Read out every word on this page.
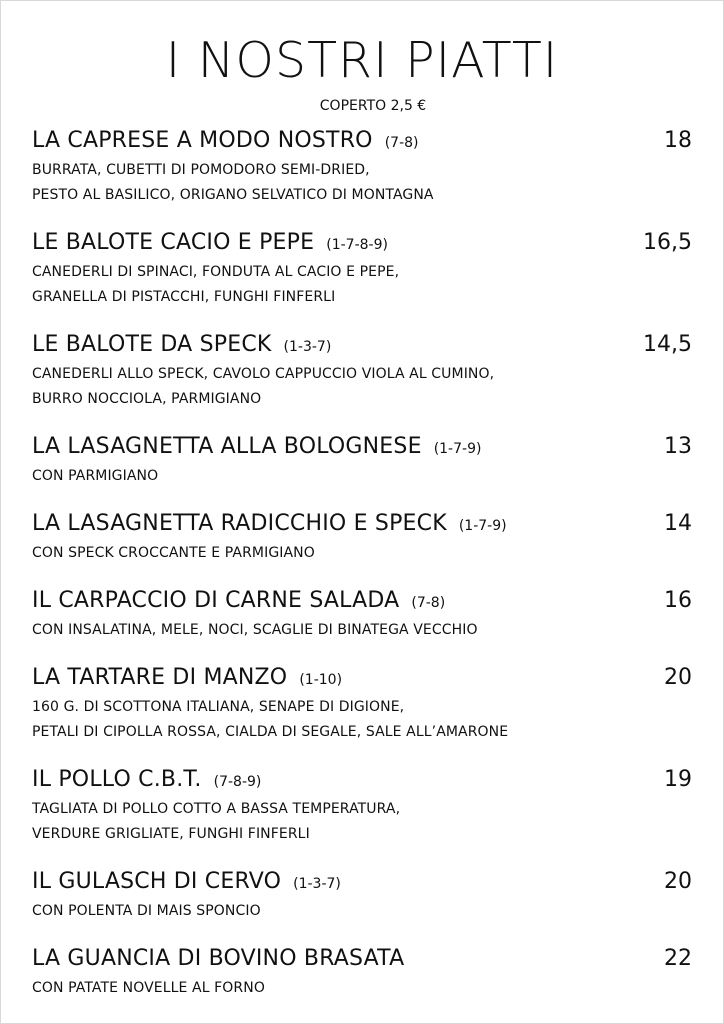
I NOSTRI PIATTI
COPERTO 2,5 €
LA CAPRESE A MODO NOSTRO (7-8)	18
BURRATA, CUBETTI DI POMODORO SEMI-DRIED,
PESTO AL BASILICO, ORIGANO SELVATICO DI MONTAGNA
LE BALOTE CACIO E PEPE (1-7-8-9)	16,5
CANEDERLI DI SPINACI, FONDUTA AL CACIO E PEPE,
GRANELLA DI PISTACCHI, FUNGHI FINFERLI
LE BALOTE DA SPECK (1-3-7)	14,5
CANEDERLI ALLO SPECK, CAVOLO CAPPUCCIO VIOLA AL CUMINO,
BURRO NOCCIOLA, PARMIGIANO
LA LASAGNETTA ALLA BOLOGNESE (1-7-9)	13
CON PARMIGIANO
LA LASAGNETTA RADICCHIO E SPECK (1-7-9)	14
CON SPECK CROCCANTE E PARMIGIANO
IL CARPACCIO DI CARNE SALADA (7-8)	16
CON INSALATINA, MELE, NOCI, SCAGLIE DI BINATEGA VECCHIO
LA TARTARE DI MANZO (1-10)	20
160 G. DI SCOTTONA ITALIANA, SENAPE DI DIGIONE,
PETALI DI CIPOLLA ROSSA, CIALDA DI SEGALE, SALE ALL’AMARONE
IL POLLO C.B.T. (7-8-9)	19
TAGLIATA DI POLLO COTTO A BASSA TEMPERATURA,
VERDURE GRIGLIATE, FUNGHI FINFERLI
IL GULASCH DI CERVO (1-3-7)	20
CON POLENTA DI MAIS SPONCIO
LA GUANCIA DI BOVINO BRASATA	22
CON PATATE NOVELLE AL FORNO
